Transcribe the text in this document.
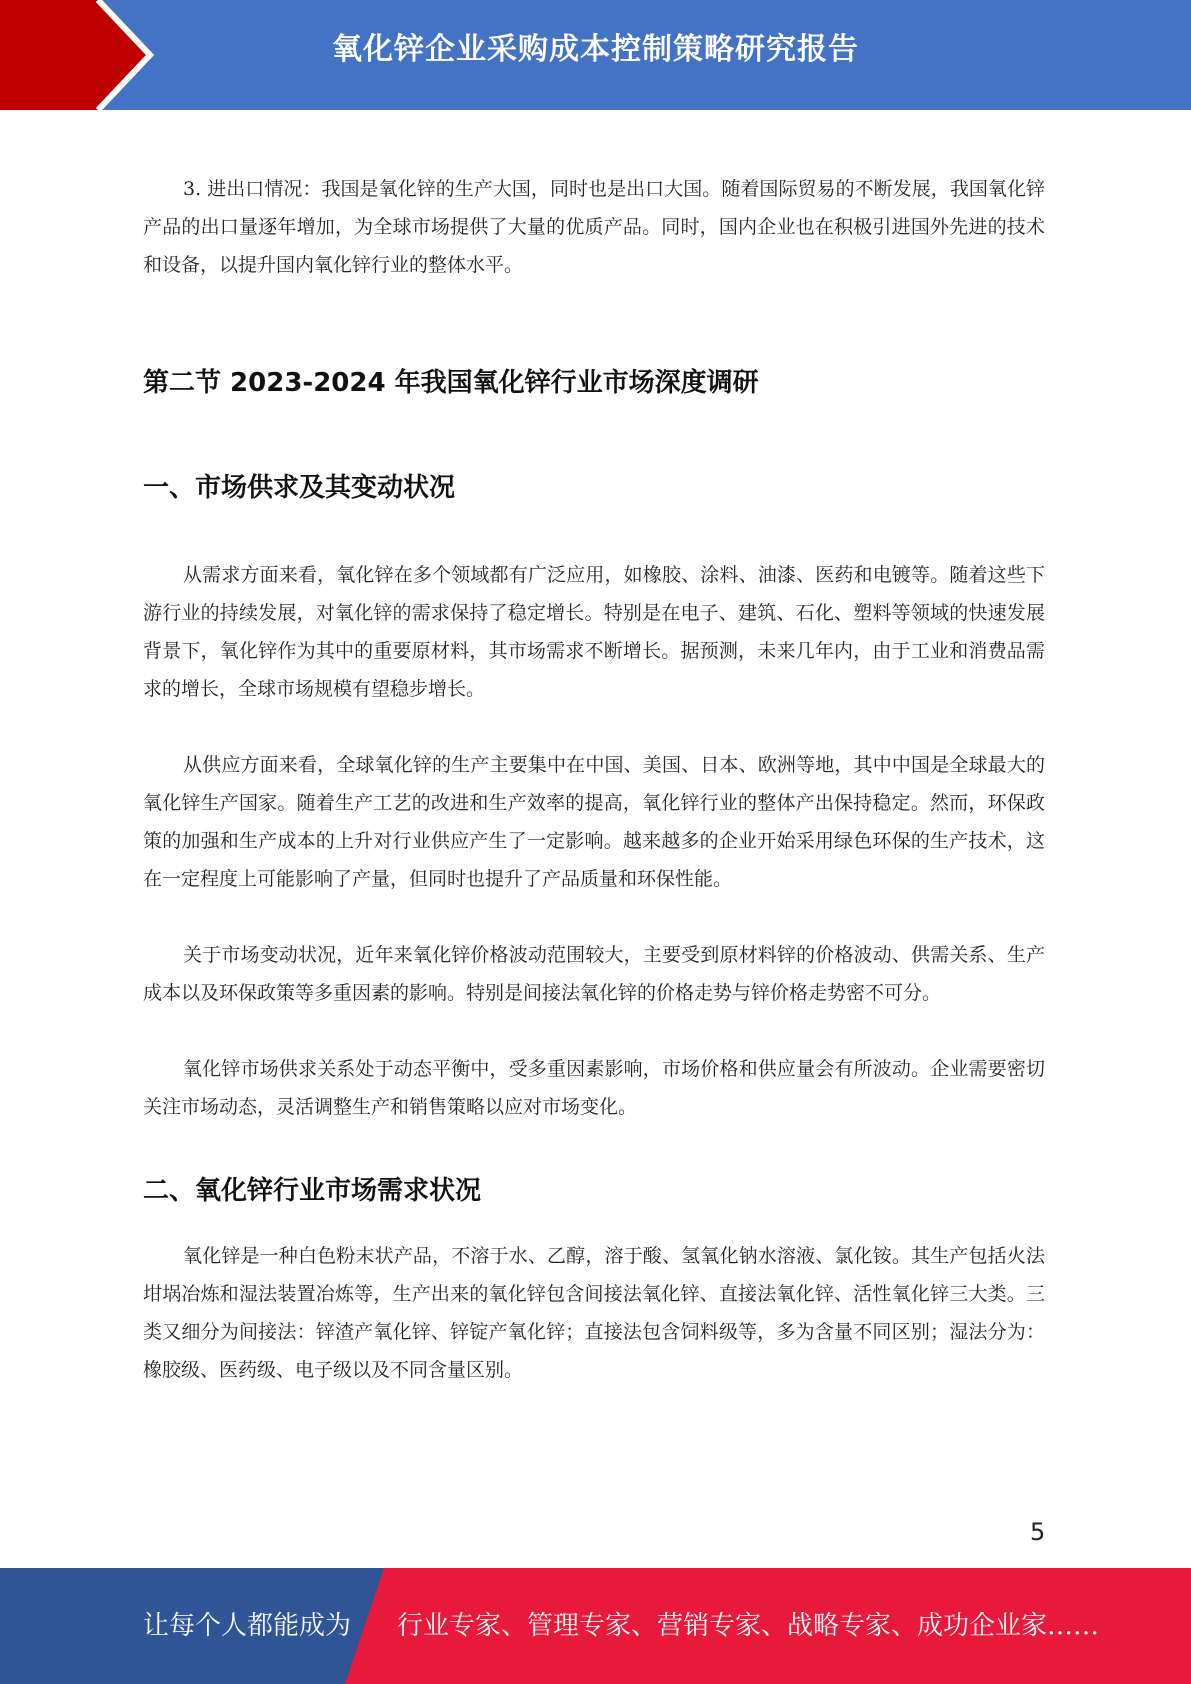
氧化锌企业采购成本控制策略研究报告

3. 进出口情况：我国是氧化锌的生产大国，同时也是出口大国。随着国际贸易的不断发展，我国氧化锌产品的出口量逐年增加，为全球市场提供了大量的优质产品。同时，国内企业也在积极引进国外先进的技术和设备，以提升国内氧化锌行业的整体水平。

第二节 2023-2024 年我国氧化锌行业市场深度调研
一、市场供求及其变动状况

从需求方面来看，氧化锌在多个领域都有广泛应用，如橡胶、涂料、油漆、医药和电镀等。随着这些下游行业的持续发展，对氧化锌的需求保持了稳定增长。特别是在电子、建筑、石化、塑料等领域的快速发展背景下，氧化锌作为其中的重要原材料，其市场需求不断增长。据预测，未来几年内，由于工业和消费品需求的增长，全球市场规模有望稳步增长。

从供应方面来看，全球氧化锌的生产主要集中在中国、美国、日本、欧洲等地，其中中国是全球最大的氧化锌生产国家。随着生产工艺的改进和生产效率的提高，氧化锌行业的整体产出保持稳定。然而，环保政策的加强和生产成本的上升对行业供应产生了一定影响。越来越多的企业开始采用绿色环保的生产技术，这在一定程度上可能影响了产量，但同时也提升了产品质量和环保性能。

关于市场变动状况，近年来氧化锌价格波动范围较大，主要受到原材料锌的价格波动、供需关系、生产成本以及环保政策等多重因素的影响。特别是间接法氧化锌的价格走势与锌价格走势密不可分。

氧化锌市场供求关系处于动态平衡中，受多重因素影响，市场价格和供应量会有所波动。企业需要密切关注市场动态，灵活调整生产和销售策略以应对市场变化。

二、氧化锌行业市场需求状况

氧化锌是一种白色粉末状产品，不溶于水、乙醇，溶于酸、氢氧化钠水溶液、氯化铵。其生产包括火法坩埚冶炼和湿法装置冶炼等，生产出来的氧化锌包含间接法氧化锌、直接法氧化锌、活性氧化锌三大类。三类又细分为间接法：锌渣产氧化锌、锌锭产氧化锌；直接法包含饲料级等，多为含量不同区别；湿法分为：橡胶级、医药级、电子级以及不同含量区别。

5
让每个人都能成为 行业专家、管理专家、营销专家、战略专家、成功企业家……
